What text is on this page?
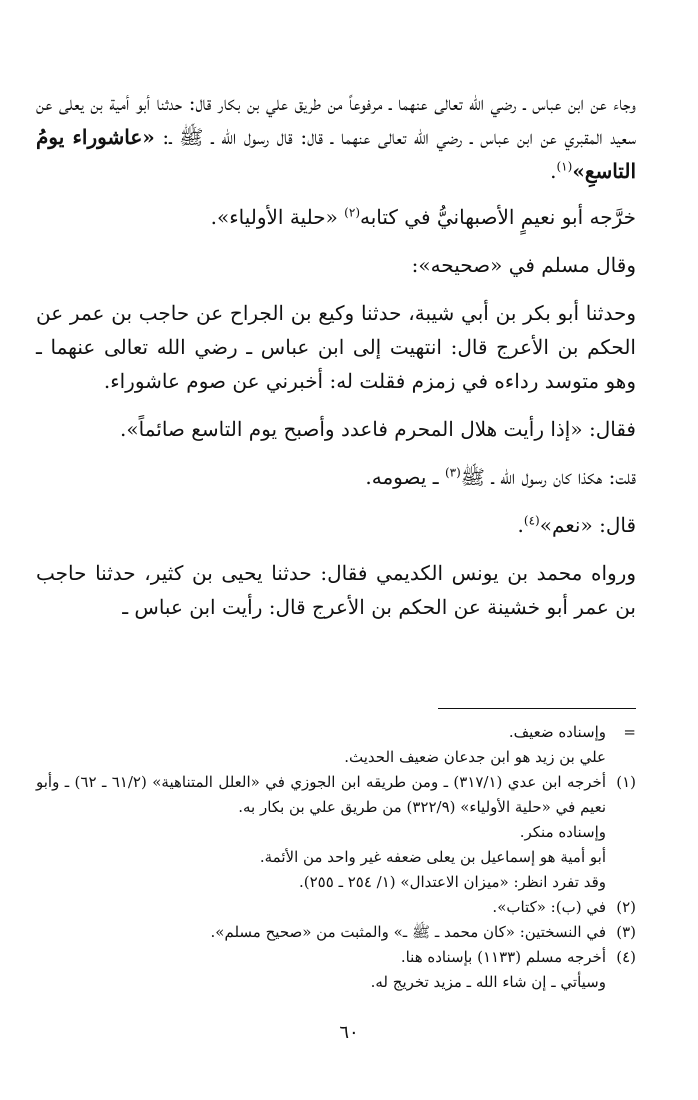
وجاء عن ابن عباس ـ رضي الله تعالى عنهما ـ مرفوعاً من طريق علي بن بكار قال: حدثنا أبو أمية بن يعلى عن سعيد المقبري عن ابن عباس ـ رضي الله تعالى عنهما ـ قال: قال رسول الله ـ ﷺ ـ: «عاشوراء يومُ التاسعِ»$^{(١)}$.

خرَّجه أبو نعيمٍ الأصبهانيُّ في كتابه$^{(٢)}$ «حلية الأولياء».

وقال مسلم في «صحيحه»:

وحدثنا أبو بكر بن أبي شيبة، حدثنا وكيع بن الجراح عن حاجب بن عمر عن الحكم بن الأعرج قال: انتهيت إلى ابن عباس ـ رضي الله تعالى عنهما ـ وهو متوسد رداءه في زمزم فقلت له: أخبرني عن صوم عاشوراء.

فقال: «إذا رأيت هلال المحرم فاعدد وأصبح يوم التاسع صائماً».

قلت: هكذا كان رسول الله ـ ﷺ$^{(٣)}$ ـ يصومه.

قال: «نعم»$^{(٤)}$.

ورواه محمد بن يونس الكديمي فقال: حدثنا يحيى بن كثير، حدثنا حاجب بن عمر أبو خشينة عن الحكم بن الأعرج قال: رأيت ابن عباس ـ

=
وإسناده ضعيف.
علي بن زيد هو ابن جدعان ضعيف الحديث.
(١)
أخرجه ابن عدي (٣١٧/١) ـ ومن طريقه ابن الجوزي في «العلل المتناهية» (٦١/٢ ـ ٦٢) ـ وأبو نعيم في «حلية الأولياء» (٣٢٢/٩) من طريق علي بن بكار به.
وإسناده منكر.
أبو أمية هو إسماعيل بن يعلى ضعفه غير واحد من الأئمة.
وقد تفرد انظر: «ميزان الاعتدال» (١/ ٢٥٤ ـ ٢٥٥).
(٢)
في (ب): «كتاب».
(٣)
في النسختين: «كان محمد ـ ﷺ ـ» والمثبت من «صحيح مسلم».
(٤)
أخرجه مسلم (١١٣٣) بإسناده هنا.
وسيأتي ـ إن شاء الله ـ مزيد تخريج له.
٦٠
